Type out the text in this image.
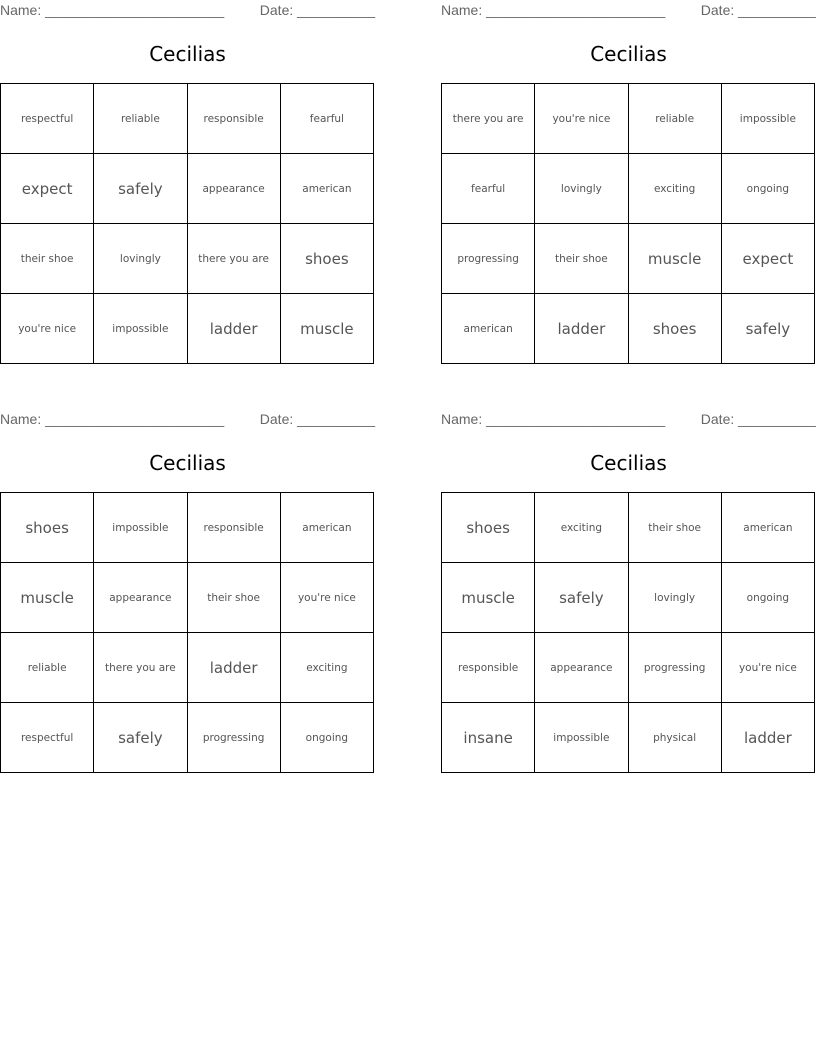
Name: _______________________	Date: __________
Cecilias
respectful	reliable	responsible	fearful
expect	safely	appearance	american
their shoe	lovingly	there you are	shoes
you're nice	impossible	ladder	muscle
Name: _______________________	Date: __________
Cecilias
there you are	you're nice	reliable	impossible
fearful	lovingly	exciting	ongoing
progressing	their shoe	muscle	expect
american	ladder	shoes	safely
Name: _______________________	Date: __________
Cecilias
shoes	impossible	responsible	american
muscle	appearance	their shoe	you're nice
reliable	there you are	ladder	exciting
respectful	safely	progressing	ongoing
Name: _______________________	Date: __________
Cecilias
shoes	exciting	their shoe	american
muscle	safely	lovingly	ongoing
responsible	appearance	progressing	you're nice
insane	impossible	physical	ladder
